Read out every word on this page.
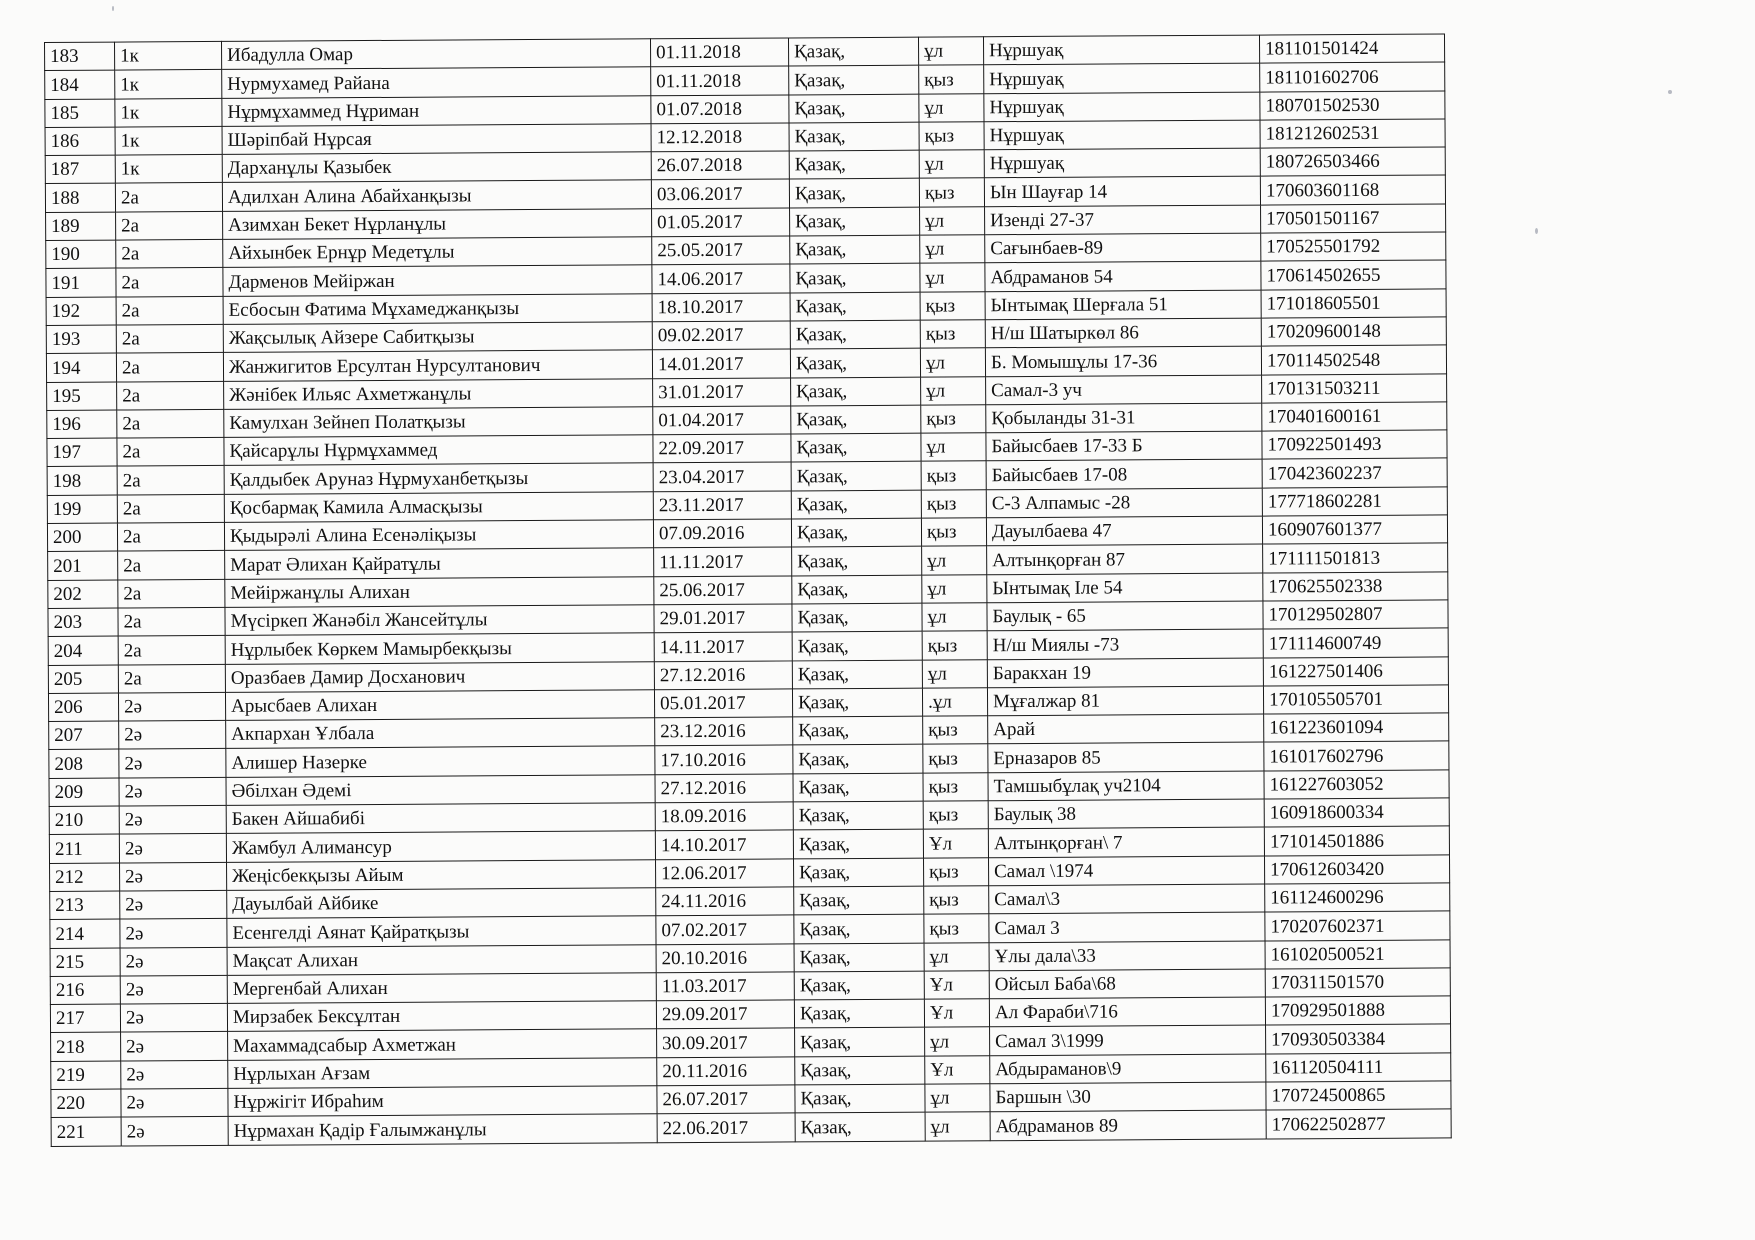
183	1к	Ибадулла Омар	01.11.2018	Қазақ,	ұл	Нұршуақ	181101501424
184	1к	Нурмухамед Райана	01.11.2018	Қазақ,	қыз	Нұршуақ	181101602706
185	1к	Нұрмұхаммед Нұриман	01.07.2018	Қазақ,	ұл	Нұршуақ	180701502530
186	1к	Шәріпбай Нұрсая	12.12.2018	Қазақ,	қыз	Нұршуақ	181212602531
187	1к	Дарханұлы Қазыбек	26.07.2018	Қазақ,	ұл	Нұршуақ	180726503466
188	2а	Адилхан Алина Абайханқызы	03.06.2017	Қазақ,	қыз	Ын Шауғар 14	170603601168
189	2а	Азимхан Бекет Нұрланұлы	01.05.2017	Қазақ,	ұл	Изенді 27-37	170501501167
190	2а	Айхынбек Ернұр Медетұлы	25.05.2017	Қазақ,	ұл	Сағынбаев-89	170525501792
191	2а	Дарменов Мейіржан	14.06.2017	Қазақ,	ұл	Абдраманов 54	170614502655
192	2а	Есбосын Фатима Мұхамеджанқызы	18.10.2017	Қазақ,	қыз	Ынтымақ Шерғала 51	171018605501
193	2а	Жақсылық Айзере Сабитқызы	09.02.2017	Қазақ,	қыз	Н/ш Шатыркөл 86	170209600148
194	2а	Жанжигитов Ерсултан Нурсултанович	14.01.2017	Қазақ,	ұл	Б. Момышұлы 17-36	170114502548
195	2а	Жәнібек Ильяс Ахметжанұлы	31.01.2017	Қазақ,	ұл	Самал-3 уч	170131503211
196	2а	Камулхан Зейнеп Полатқызы	01.04.2017	Қазақ,	қыз	Қобыланды 31-31	170401600161
197	2а	Қайсарұлы Нұрмұхаммед	22.09.2017	Қазақ,	ұл	Байысбаев 17-33 Б	170922501493
198	2а	Қалдыбек Аруназ Нұрмуханбетқызы	23.04.2017	Қазақ,	қыз	Байысбаев 17-08	170423602237
199	2а	Қосбармақ Камила Алмасқызы	23.11.2017	Қазақ,	қыз	С-3 Алпамыс -28	177718602281
200	2а	Қыдырәлі Алина Есенәліқызы	07.09.2016	Қазақ,	қыз	Дауылбаева 47	160907601377
201	2а	Марат Әлихан Қайратұлы	11.11.2017	Қазақ,	ұл	Алтынқорған 87	171111501813
202	2а	Мейіржанұлы Алихан	25.06.2017	Қазақ,	ұл	Ынтымақ Іле 54	170625502338
203	2а	Мүсіркеп Жанәбіл Жансейтұлы	29.01.2017	Қазақ,	ұл	Баулық - 65	170129502807
204	2а	Нұрлыбек Көркем Мамырбекқызы	14.11.2017	Қазақ,	қыз	Н/ш Миялы -73	171114600749
205	2а	Оразбаев Дамир Досханович	27.12.2016	Қазақ,	ұл	Баракхан 19	161227501406
206	2ә	Арысбаев Алихан	05.01.2017	Қазақ,	.ұл	Мұғалжар 81	170105505701
207	2ә	Акпархан Ұлбала	23.12.2016	Қазақ,	қыз	Арай	161223601094
208	2ә	Алишер Назерке	17.10.2016	Қазақ,	қыз	Ерназаров 85	161017602796
209	2ә	Әбілхан Әдемі	27.12.2016	Қазақ,	қыз	Тамшыбұлақ уч2104	161227603052
210	2ә	Бакен Айшабибі	18.09.2016	Қазақ,	қыз	Баулық 38	160918600334
211	2ә	Жамбул Алимансур	14.10.2017	Қазақ,	Ұл	Алтынқорған\ 7	171014501886
212	2ә	Жеңісбекқызы Айым	12.06.2017	Қазақ,	қыз	Самал \1974	170612603420
213	2ә	Дауылбай Айбике	24.11.2016	Қазақ,	қыз	Самал\3	161124600296
214	2ә	Есенгелді Аянат Қайратқызы	07.02.2017	Қазақ,	қыз	Самал 3	170207602371
215	2ә	Мақсат Алихан	20.10.2016	Қазақ,	ұл	Ұлы дала\33	161020500521
216	2ә	Мергенбай Алихан	11.03.2017	Қазақ,	Ұл	Ойсыл Баба\68	170311501570
217	2ә	Мирзабек Бексұлтан	29.09.2017	Қазақ,	Ұл	Ал Фараби\716	170929501888
218	2ә	Махаммадсабыр Ахметжан	30.09.2017	Қазақ,	ұл	Самал 3\1999	170930503384
219	2ә	Нұрлыхан Ағзам	20.11.2016	Қазақ,	Ұл	Абдыраманов\9	161120504111
220	2ә	Нұржігіт Ибраһим	26.07.2017	Қазақ,	ұл	Баршын \30	170724500865
221	2ә	Нұрмахан Қадір Ғалымжанұлы	22.06.2017	Қазақ,	ұл	Абдраманов 89	170622502877
